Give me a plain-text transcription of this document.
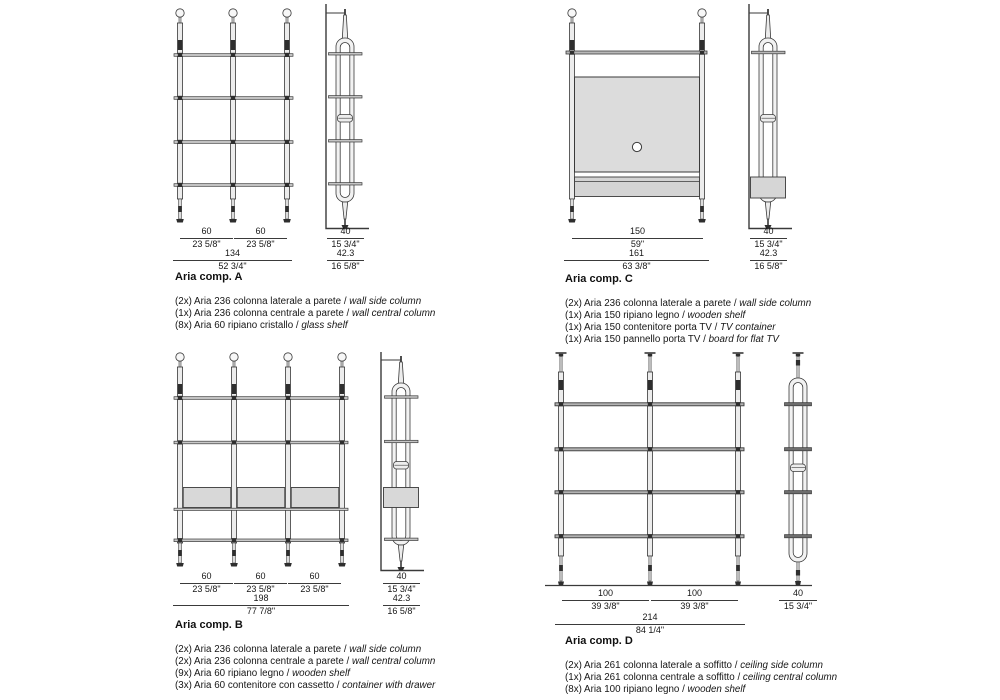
60
23 5/8"
60
23 5/8"
134
52 3/4"
40
15 3/4"
42.3
16 5/8"
150
59"
161
63 3/8"
40
15 3/4"
42.3
16 5/8"
60
23 5/8"
60
23 5/8"
60
23 5/8"
198
77 7/8"
40
15 3/4"
42.3
16 5/8"
100
39 3/8"
100
39 3/8"
214
84 1/4"
40
15 3/4"
Aria comp. A
(2x) Aria 236 colonna laterale a parete / wall side column
(1x) Aria 236 colonna centrale a parete / wall central column
(8x) Aria 60 ripiano cristallo / glass shelf
Aria comp. C
(2x) Aria 236 colonna laterale a parete / wall side column
(1x) Aria 150 ripiano legno / wooden shelf
(1x) Aria 150 contenitore porta TV / TV container
(1x) Aria 150 pannello porta TV / board for flat TV
Aria comp. B
(2x) Aria 236 colonna laterale a parete / wall side column
(2x) Aria 236 colonna centrale a parete / wall central column
(9x) Aria 60 ripiano legno / wooden shelf
(3x) Aria 60 contenitore con cassetto / container with drawer
Aria comp. D
(2x) Aria 261 colonna laterale a soffitto / ceiling side column
(1x) Aria 261 colonna centrale a soffitto / ceiling central column
(8x) Aria 100 ripiano legno / wooden shelf
